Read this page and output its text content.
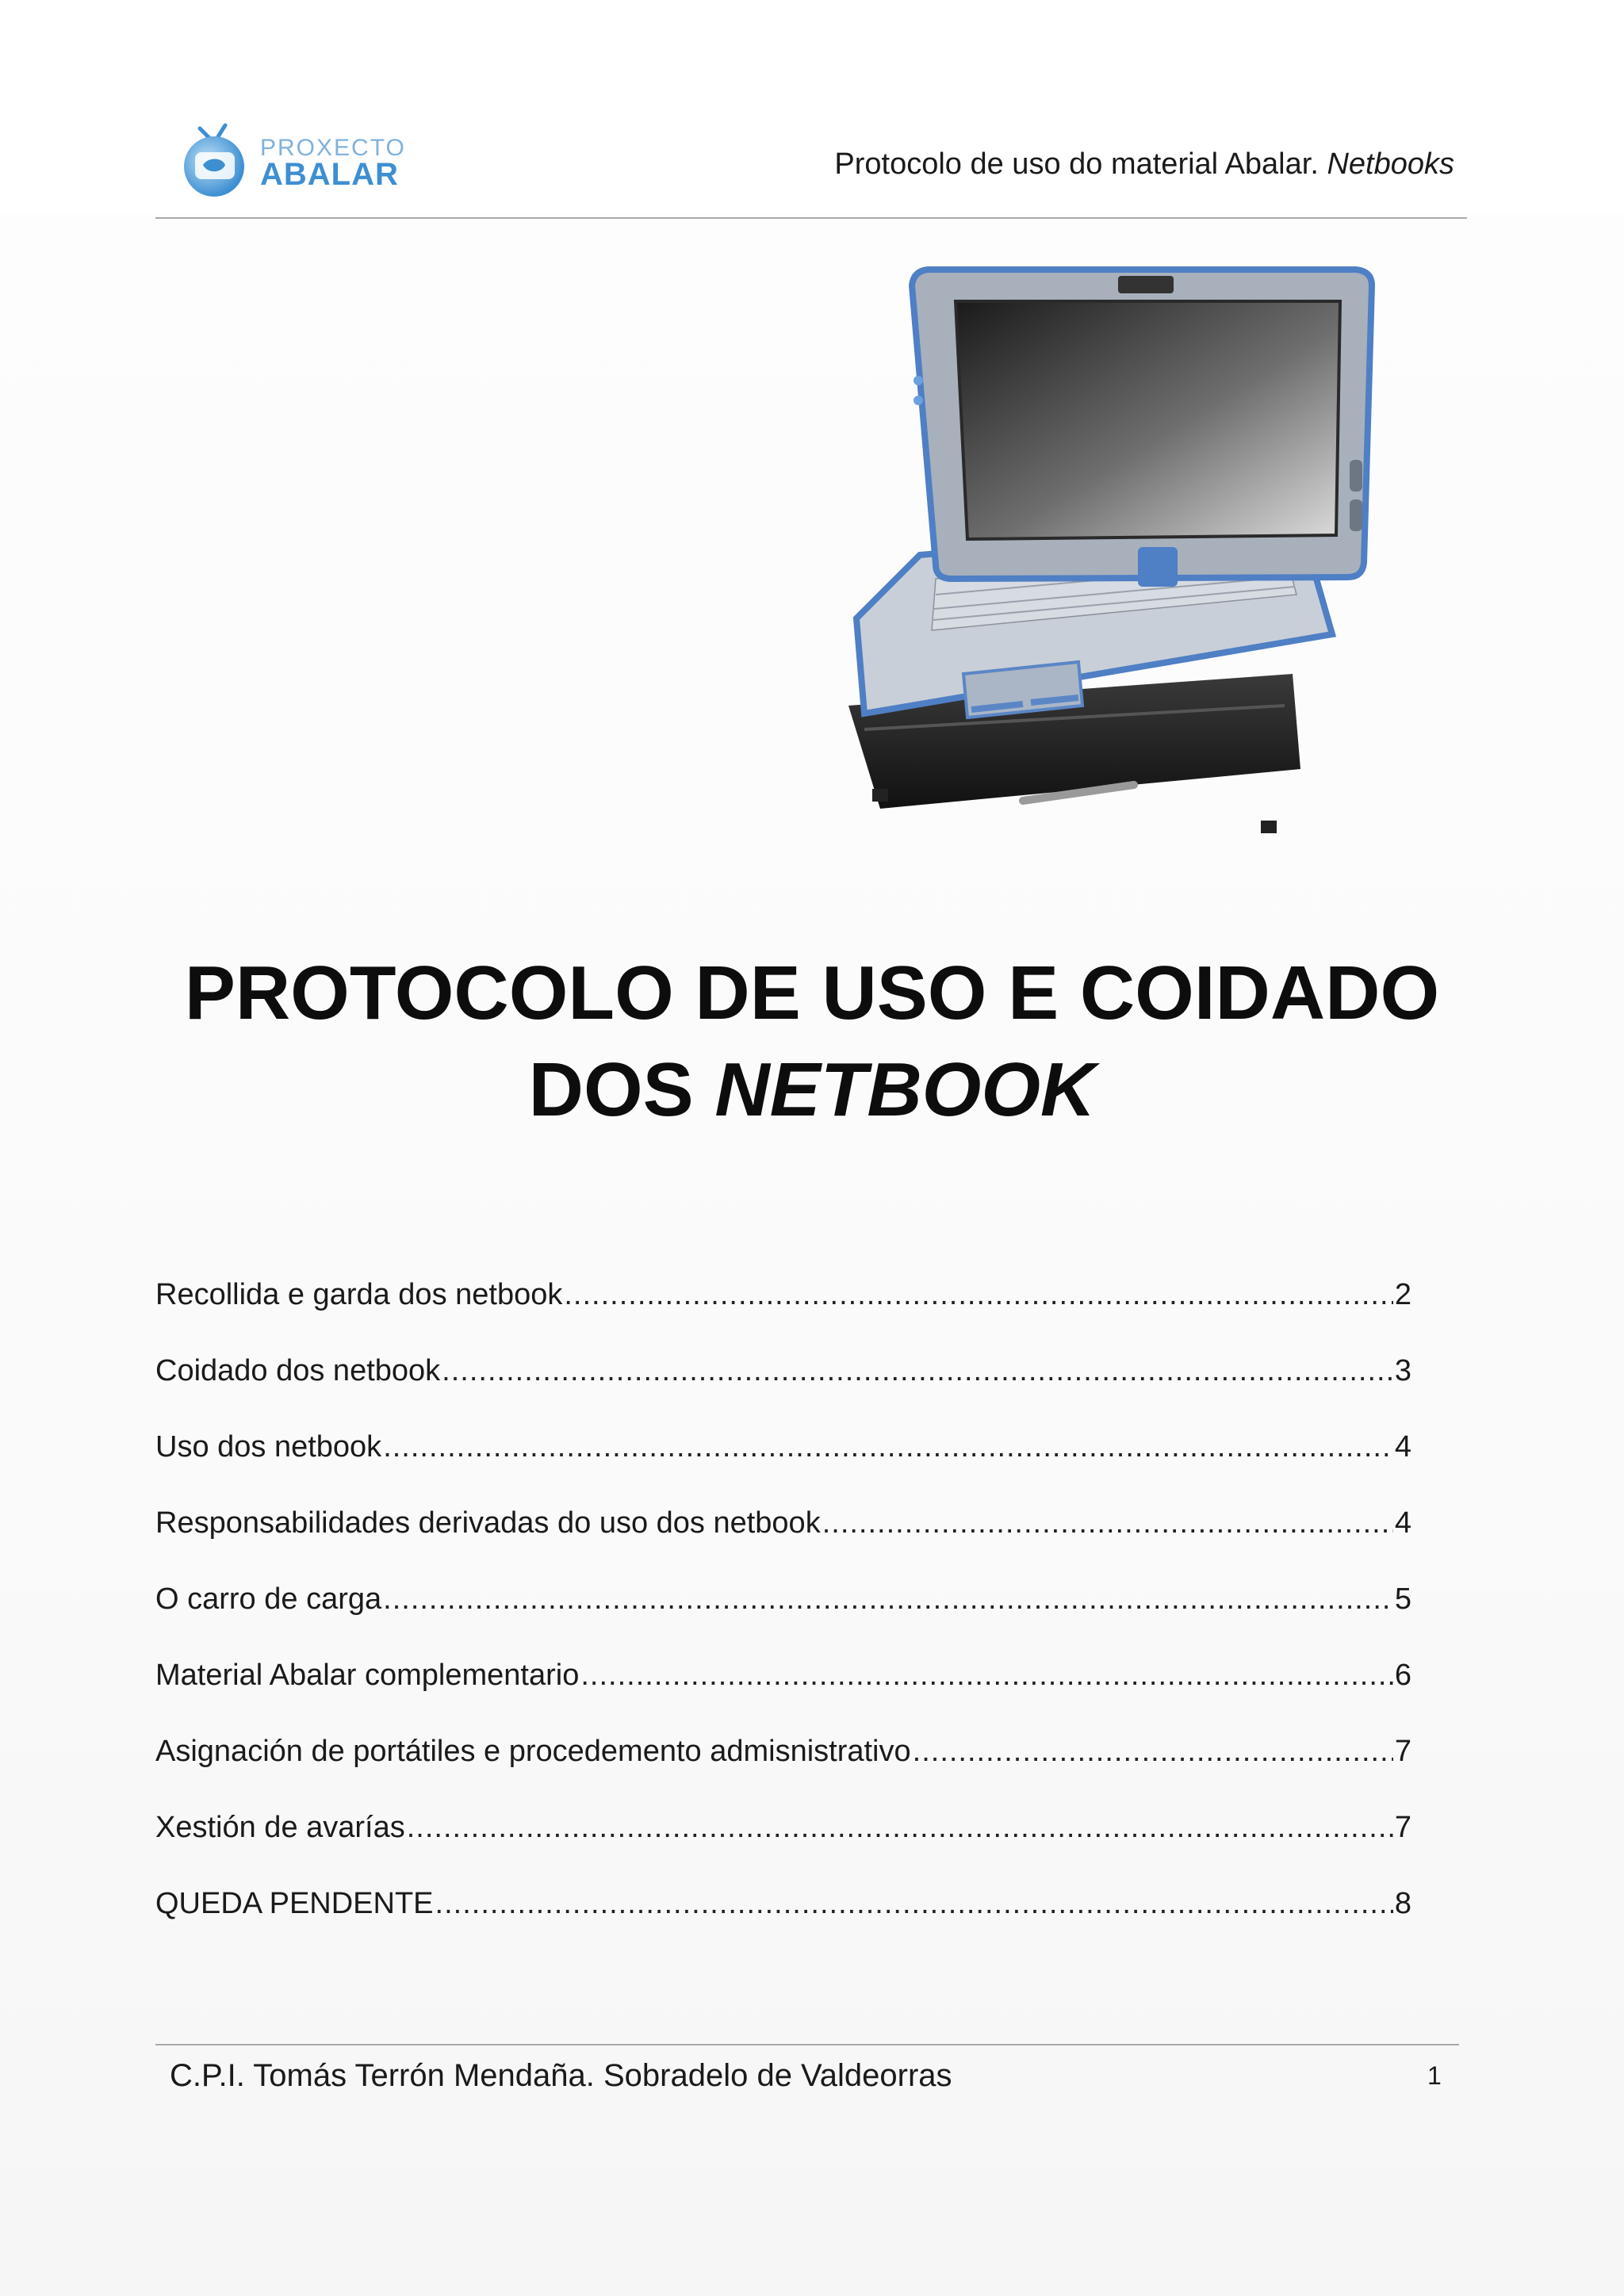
PROXECTO
ABALAR	Protocolo de uso do material Abalar. Netbooks
PROTOCOLO DE USO E COIDADO
DOS NETBOOK
Recollida e garda dos netbook .....	2
Coidado dos netbook .....	3
Uso dos netbook .....	4
Responsabilidades derivadas do uso dos netbook .....	4
O carro de carga .....	5
Material Abalar complementario .....	6
Asignación de portátiles e procedemento admisnistrativo .....	7
Xestión de avarías .....	7
QUEDA PENDENTE .....	8
C.P.I. Tomás Terrón Mendaña. Sobradelo de Valdeorras	1
